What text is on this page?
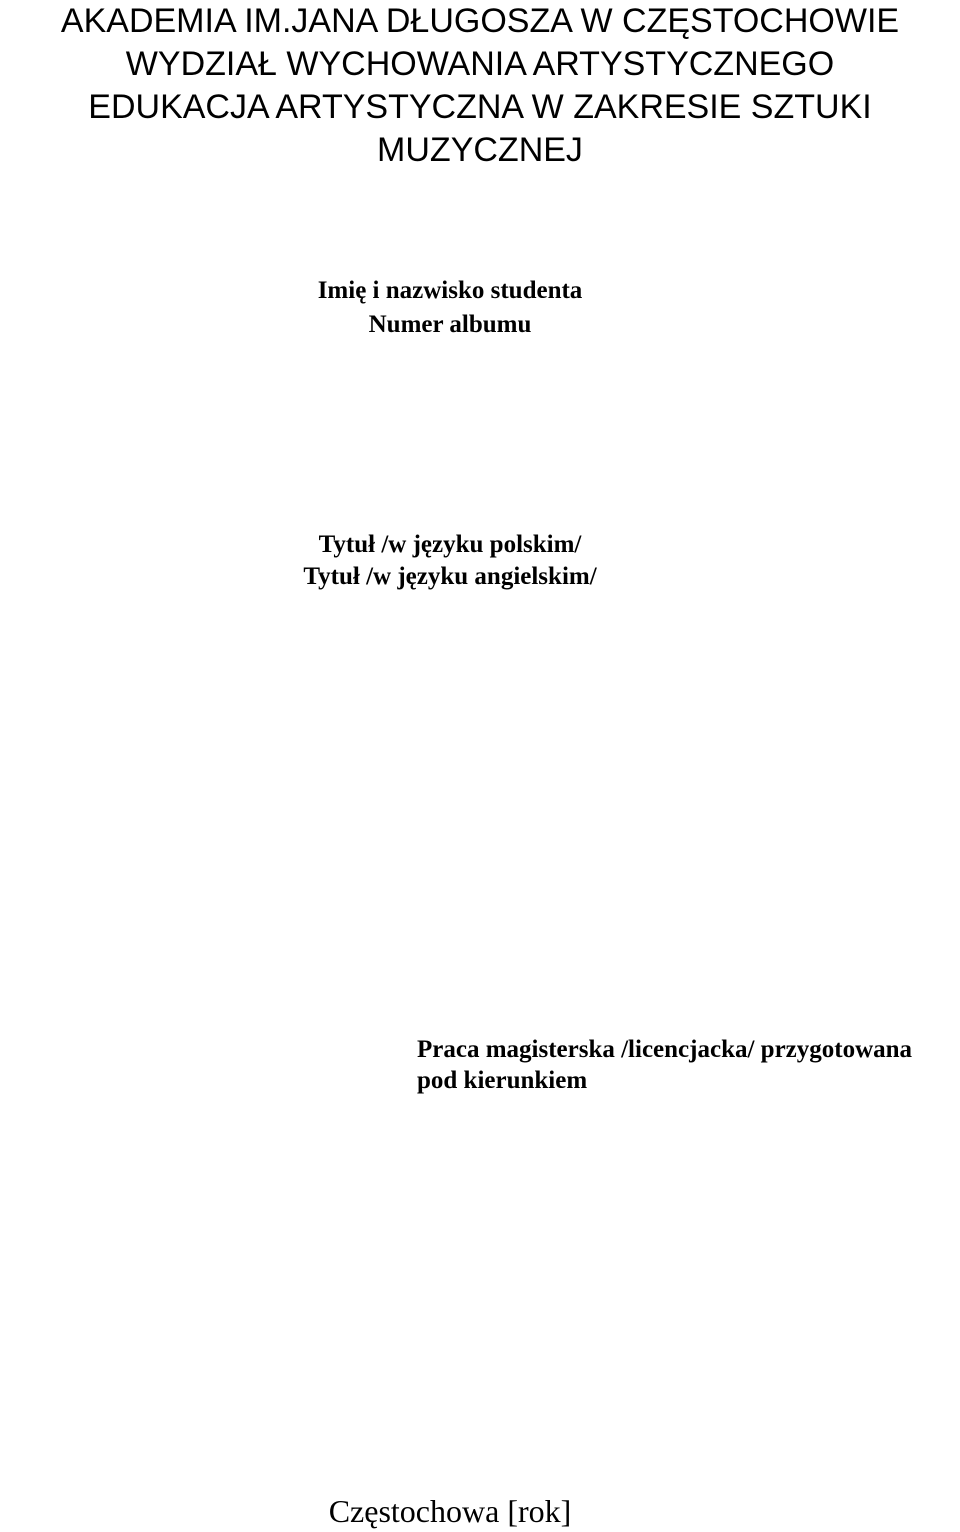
AKADEMIA IM.JANA DŁUGOSZA W CZĘSTOCHOWIE
WYDZIAŁ WYCHOWANIA ARTYSTYCZNEGO
EDUKACJA ARTYSTYCZNA W ZAKRESIE SZTUKI
MUZYCZNEJ
Imię i nazwisko studenta
Numer albumu
Tytuł /w języku polskim/
Tytuł /w języku angielskim/
Praca magisterska /licencjacka/ przygotowana
pod kierunkiem
Częstochowa [rok]
